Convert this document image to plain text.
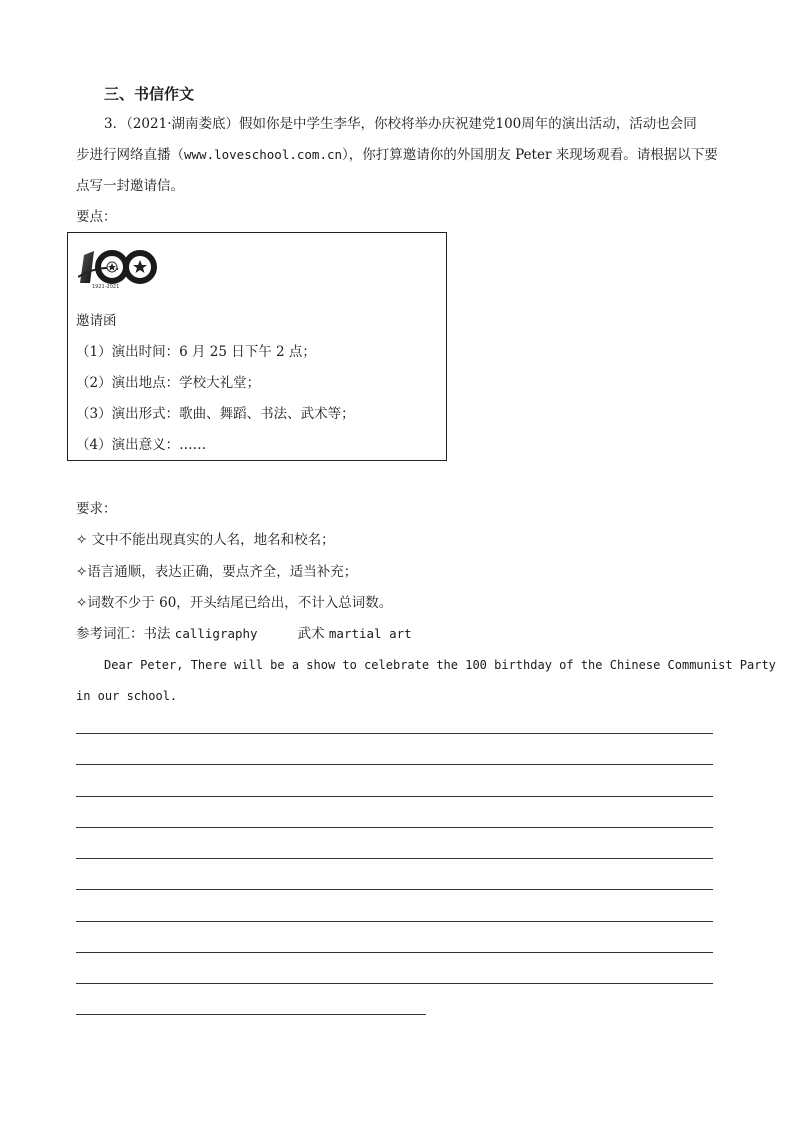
三、书信作文
3．（2021·湖南娄底）假如你是中学生李华，你校将举办庆祝建党100周年的演出活动，活动也会同
步进行网络直播（www.loveschool.com.cn），你打算邀请你的外国朋友 Peter 来现场观看。请根据以下要
点写一封邀请信。
要点：
1921-2021
邀请函
（1）演出时间：6 月 25 日下午 2 点；
（2）演出地点：学校大礼堂；
（3）演出形式：歌曲、舞蹈、书法、武术等；
（4）演出意义：……
要求：
✧ 文中不能出现真实的人名，地名和校名；
✧语言通顺，表达正确，要点齐全，适当补充；
✧词数不少于 60，开头结尾已给出，不计入总词数。
参考词汇：书法 calligraphy	武术 martial art
Dear Peter, There will be a show to celebrate the 100 birthday of the Chinese Communist Party
in our school.
